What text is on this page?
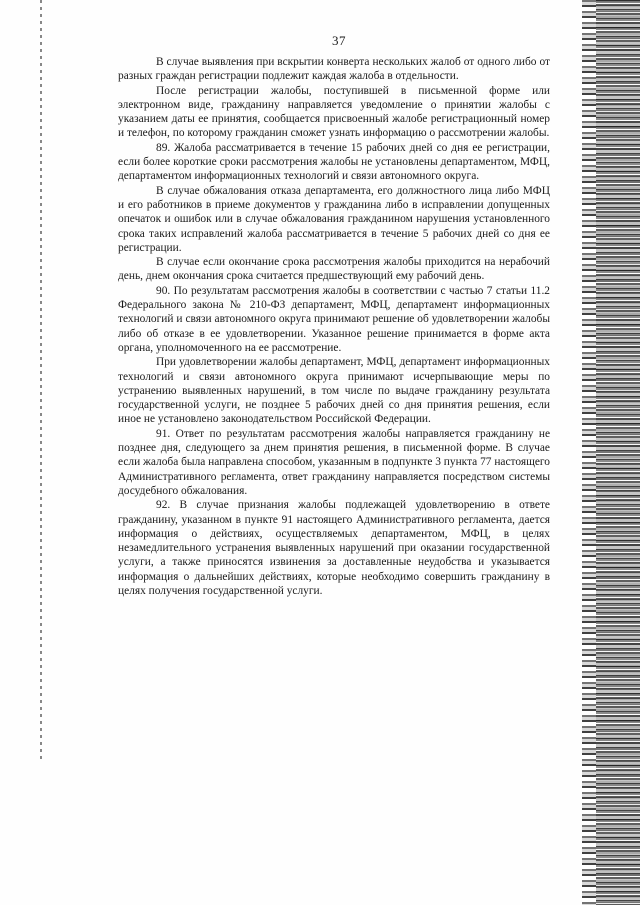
37

В случае выявления при вскрытии конверта нескольких жалоб от одного либо от разных граждан регистрации подлежит каждая жалоба в отдельности.

После регистрации жалобы, поступившей в письменной форме или электронном виде, гражданину направляется уведомление о принятии жалобы с указанием даты ее принятия, сообщается присвоенный жалобе регистрационный номер и телефон, по которому гражданин сможет узнать информацию о рассмотрении жалобы.

89. Жалоба рассматривается в течение 15 рабочих дней со дня ее регистрации, если более короткие сроки рассмотрения жалобы не установлены департаментом, МФЦ, департаментом информационных технологий и связи автономного округа.

В случае обжалования отказа департамента, его должностного лица либо МФЦ и его работников в приеме документов у гражданина либо в исправлении допущенных опечаток и ошибок или в случае обжалования гражданином нарушения установленного срока таких исправлений жалоба рассматривается в течение 5 рабочих дней со дня ее регистрации.

В случае если окончание срока рассмотрения жалобы приходится на нерабочий день, днем окончания срока считается предшествующий ему рабочий день.

90. По результатам рассмотрения жалобы в соответствии с частью 7 статьи 11.2 Федерального закона № 210-ФЗ департамент, МФЦ, департамент информационных технологий и связи автономного округа принимают решение об удовлетворении жалобы либо об отказе в ее удовлетворении. Указанное решение принимается в форме акта органа, уполномоченного на ее рассмотрение.

При удовлетворении жалобы департамент, МФЦ, департамент информационных технологий и связи автономного округа принимают исчерпывающие меры по устранению выявленных нарушений, в том числе по выдаче гражданину результата государственной услуги, не позднее 5 рабочих дней со дня принятия решения, если иное не установлено законодательством Российской Федерации.

91. Ответ по результатам рассмотрения жалобы направляется гражданину не позднее дня, следующего за днем принятия решения, в письменной форме. В случае если жалоба была направлена способом, указанным в подпункте 3 пункта 77 настоящего Административного регламента, ответ гражданину направляется посредством системы досудебного обжалования.

92. В случае признания жалобы подлежащей удовлетворению в ответе гражданину, указанном в пункте 91 настоящего Административного регламента, дается информация о действиях, осуществляемых департаментом, МФЦ, в целях незамедлительного устранения выявленных нарушений при оказании государственной услуги, а также приносятся извинения за доставленные неудобства и указывается информация о дальнейших действиях, которые необходимо совершить гражданину в целях получения государственной услуги.
